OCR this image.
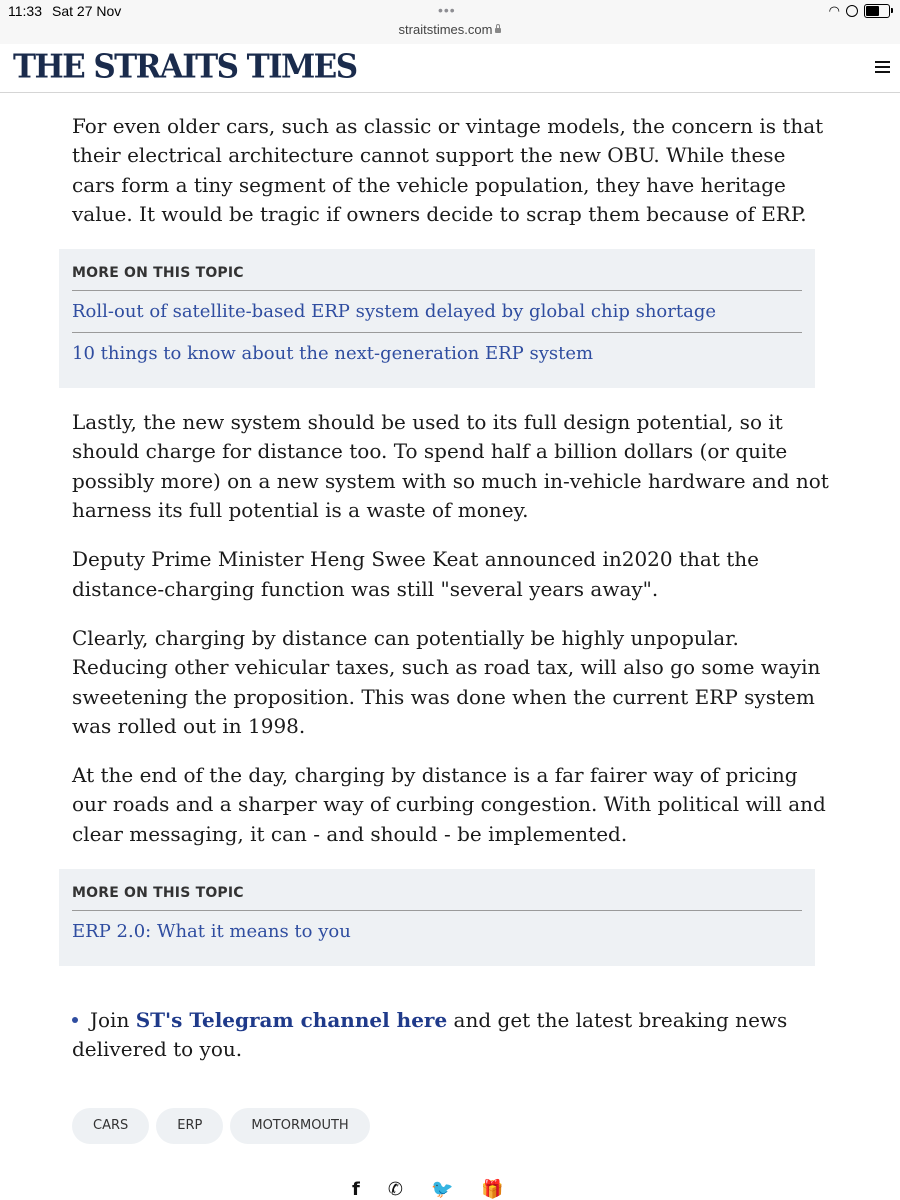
11:33 Sat 27 Nov	•••
straitstimes.com
◠
THE STRAITS TIMES

For even older cars, such as classic or vintage models, the concern is that their electrical architecture cannot support the new OBU. While these cars form a tiny segment of the vehicle population, they have heritage value. It would be tragic if owners decide to scrap them because of ERP.

MORE ON THIS TOPIC
Roll-out of satellite-based ERP system delayed by global chip shortage
10 things to know about the next-generation ERP system

Lastly, the new system should be used to its full design potential, so it should charge for distance too. To spend half a billion dollars (or quite possibly more) on a new system with so much in-vehicle hardware and not harness its full potential is a waste of money.

Deputy Prime Minister Heng Swee Keat announced in2020 that the distance-charging function was still "several years away".

Clearly, charging by distance can potentially be highly unpopular. Reducing other vehicular taxes, such as road tax, will also go some wayin sweetening the proposition. This was done when the current ERP system was rolled out in 1998.

At the end of the day, charging by distance is a far fairer way of pricing our roads and a sharper way of curbing congestion. With political will and clear messaging, it can - and should - be implemented.

MORE ON THIS TOPIC
ERP 2.0: What it means to you
Join ST's Telegram channel here and get the latest breaking news delivered to you.
CARS	ERP	MOTORMOUTH
f ✆ 🐦 🎁
